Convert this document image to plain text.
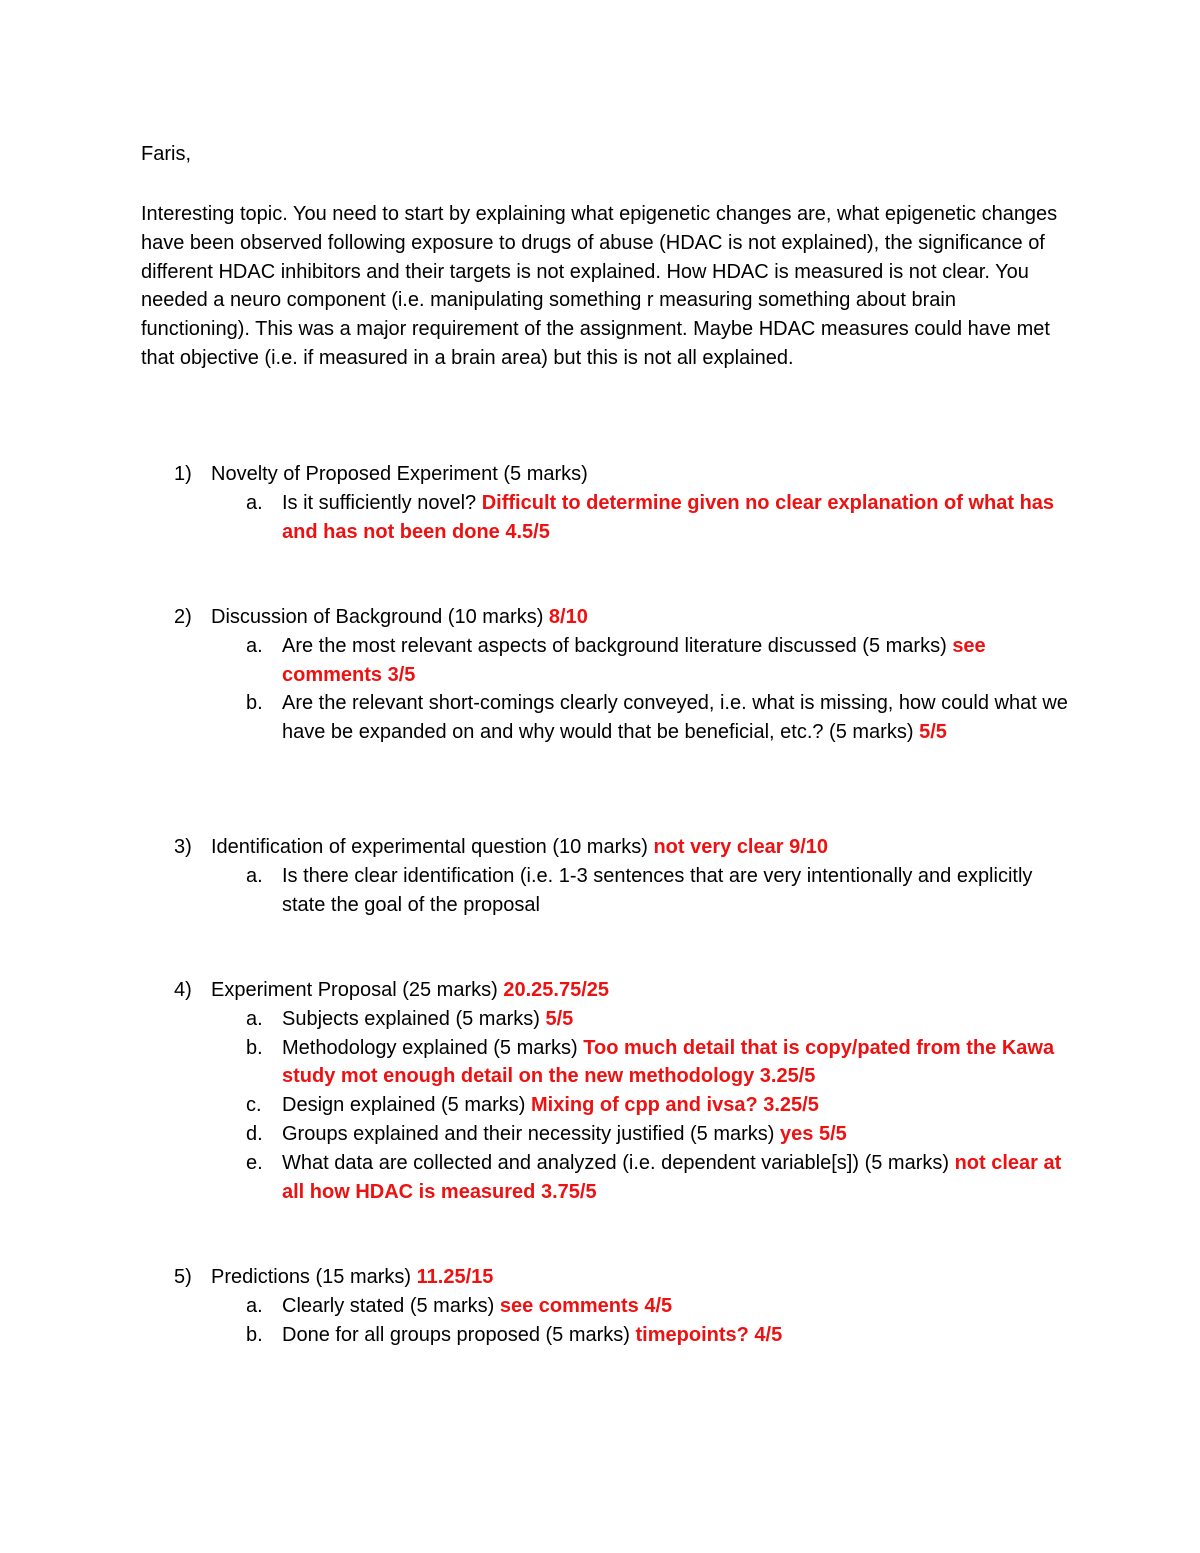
Faris,

Interesting topic. You need to start by explaining what epigenetic changes are, what epigenetic changes have been observed following exposure to drugs of abuse (HDAC is not explained), the significance of different HDAC inhibitors and their targets is not explained. How HDAC is measured is not clear. You needed a neuro component (i.e. manipulating something r measuring something about brain functioning). This was a major requirement of the assignment. Maybe HDAC measures could have met that objective (i.e. if measured in a brain area) but this is not all explained.

1) Novelty of Proposed Experiment (5 marks)
a. Is it sufficiently novel? Difficult to determine given no clear explanation of what has and has not been done 4.5/5
2) Discussion of Background (10 marks) 8/10
a. Are the most relevant aspects of background literature discussed (5 marks) see comments 3/5
b. Are the relevant short-comings clearly conveyed, i.e. what is missing, how could what we have be expanded on and why would that be beneficial, etc.? (5 marks) 5/5
3) Identification of experimental question (10 marks) not very clear 9/10
a. Is there clear identification (i.e. 1-3 sentences that are very intentionally and explicitly state the goal of the proposal
4) Experiment Proposal (25 marks) 20.25.75/25
a. Subjects explained (5 marks) 5/5
b. Methodology explained (5 marks) Too much detail that is copy/pated from the Kawa study mot enough detail on the new methodology 3.25/5
c. Design explained (5 marks) Mixing of cpp and ivsa? 3.25/5
d. Groups explained and their necessity justified (5 marks) yes 5/5
e. What data are collected and analyzed (i.e. dependent variable[s]) (5 marks) not clear at all how HDAC is measured 3.75/5
5) Predictions (15 marks) 11.25/15
a. Clearly stated (5 marks) see comments 4/5
b. Done for all groups proposed (5 marks) timepoints? 4/5
